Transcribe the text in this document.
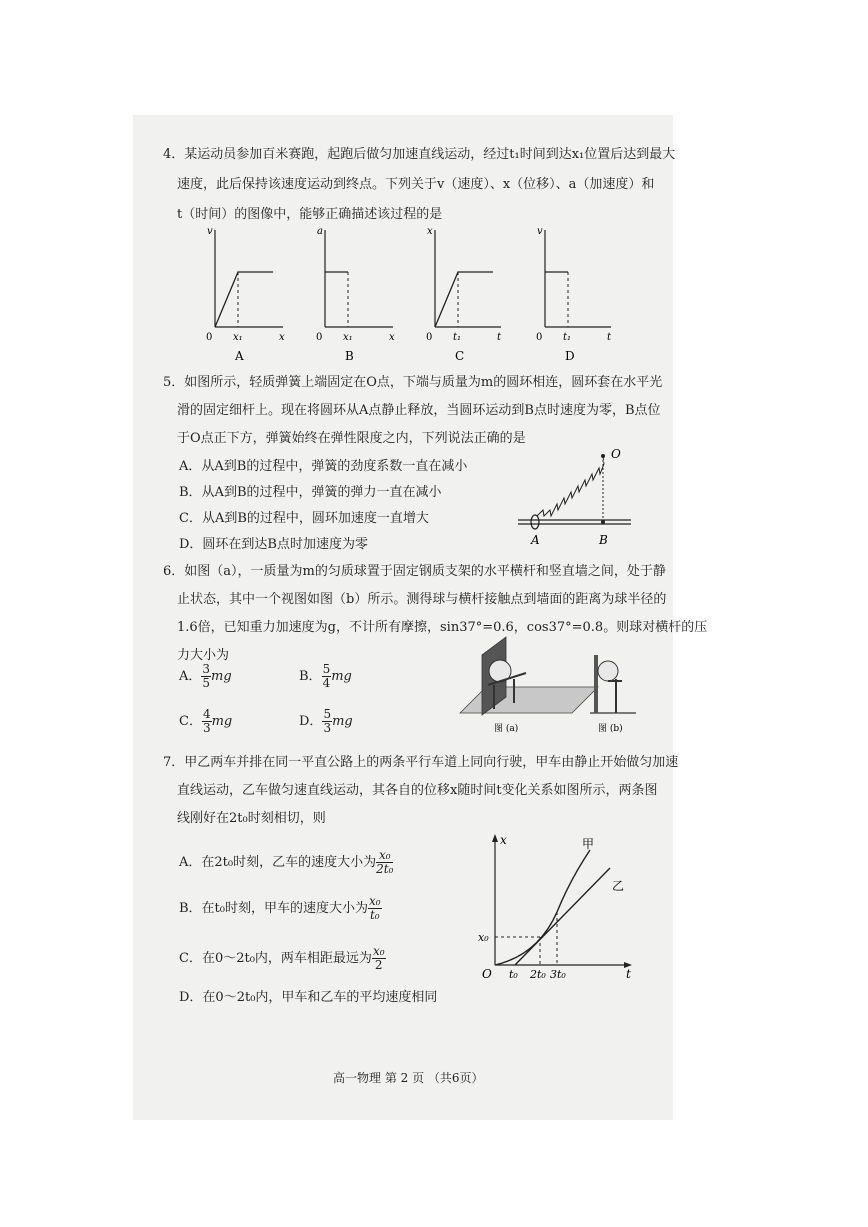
4．某运动员参加百米赛跑，起跑后做匀加速直线运动，经过t₁时间到达x₁位置后达到最大
速度，此后保持该速度运动到终点。下列关于v（速度）、x（位移）、a（加速度）和
t（时间）的图像中，能够正确描述该过程的是
v
x
0 x₁
A
a
x
0 x₁
B
x
t
0 t₁
C
v
t
0 t₁
D
5．如图所示，轻质弹簧上端固定在O点，下端与质量为m的圆环相连，圆环套在水平光
滑的固定细杆上。现在将圆环从A点静止释放，当圆环运动到B点时速度为零，B点位
于O点正下方，弹簧始终在弹性限度之内，下列说法正确的是
A．从A到B的过程中，弹簧的劲度系数一直在减小
B．从A到B的过程中，弹簧的弹力一直在减小
C．从A到B的过程中，圆环加速度一直增大
D．圆环在到达B点时加速度为零
O
A	B
6．如图（a），一质量为m的匀质球置于固定钢质支架的水平横杆和竖直墙之间，处于静
止状态，其中一个视图如图（b）所示。测得球与横杆接触点到墙面的距离为球半径的
1.6倍，已知重力加速度为g，不计所有摩擦，sin37°=0.6，cos37°=0.8。则球对横杆的压
力大小为
A． $\frac{3}{5}$ mg	B． $\frac{5}{4}$ mg
C． $\frac{4}{3}$ mg	D． $\frac{5}{3}$ mg	图 (a)	图 (b)
7．甲乙两车并排在同一平直公路上的两条平行车道上同向行驶，甲车由静止开始做匀加速
直线运动，乙车做匀速直线运动，其各自的位移x随时间t变化关系如图所示，两条图
线刚好在2t₀时刻相切，则
A．在2t₀时刻，乙车的速度大小为 $\frac{\text{x₀}}{\text{2t₀}}$
B．在t₀时刻，甲车的速度大小为 $\frac{\text{x₀}}{\text{t₀}}$
C．在0～2t₀内，两车相距最远为 $\frac{\text{x₀}}{2}$
D．在0～2t₀内，甲车和乙车的平均速度相同
x
t
O
x₀
t₀ 2t₀ 3t₀
甲
乙
高一物理 第 2 页 （共6页）
